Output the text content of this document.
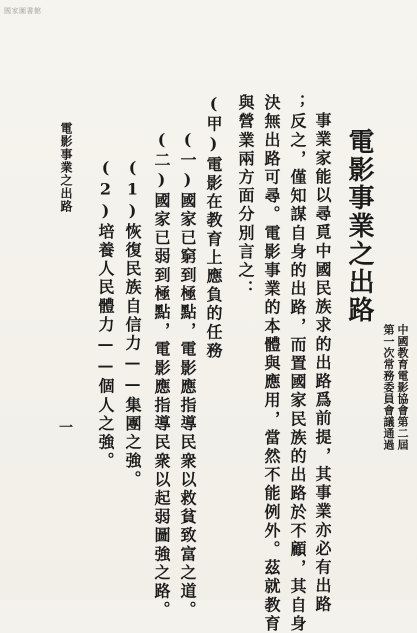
國家圖書館
中國教育電影協會第二屆
第一次常務委員會議通過
電影事業之出路
事業家能以尋覓中國民族求的出路爲前提，其事業亦必有出路
；反之，僅知謀自身的出路，而置國家民族的出路於不顧，其自身
決無出路可尋。電影事業的本體與應用，當然不能例外。茲就教育
與營業兩方面分別言之：
(甲)電影在教育上應負的任務
(一)國家已窮到極點，電影應指導民衆以救貧致富之道。
(二)國家已弱到極點，電影應指導民衆以起弱圖強之路。
(1)恢復民族自信力——集團之強。
(2)培養人民體力——個人之強。
電影事業之出路
一
